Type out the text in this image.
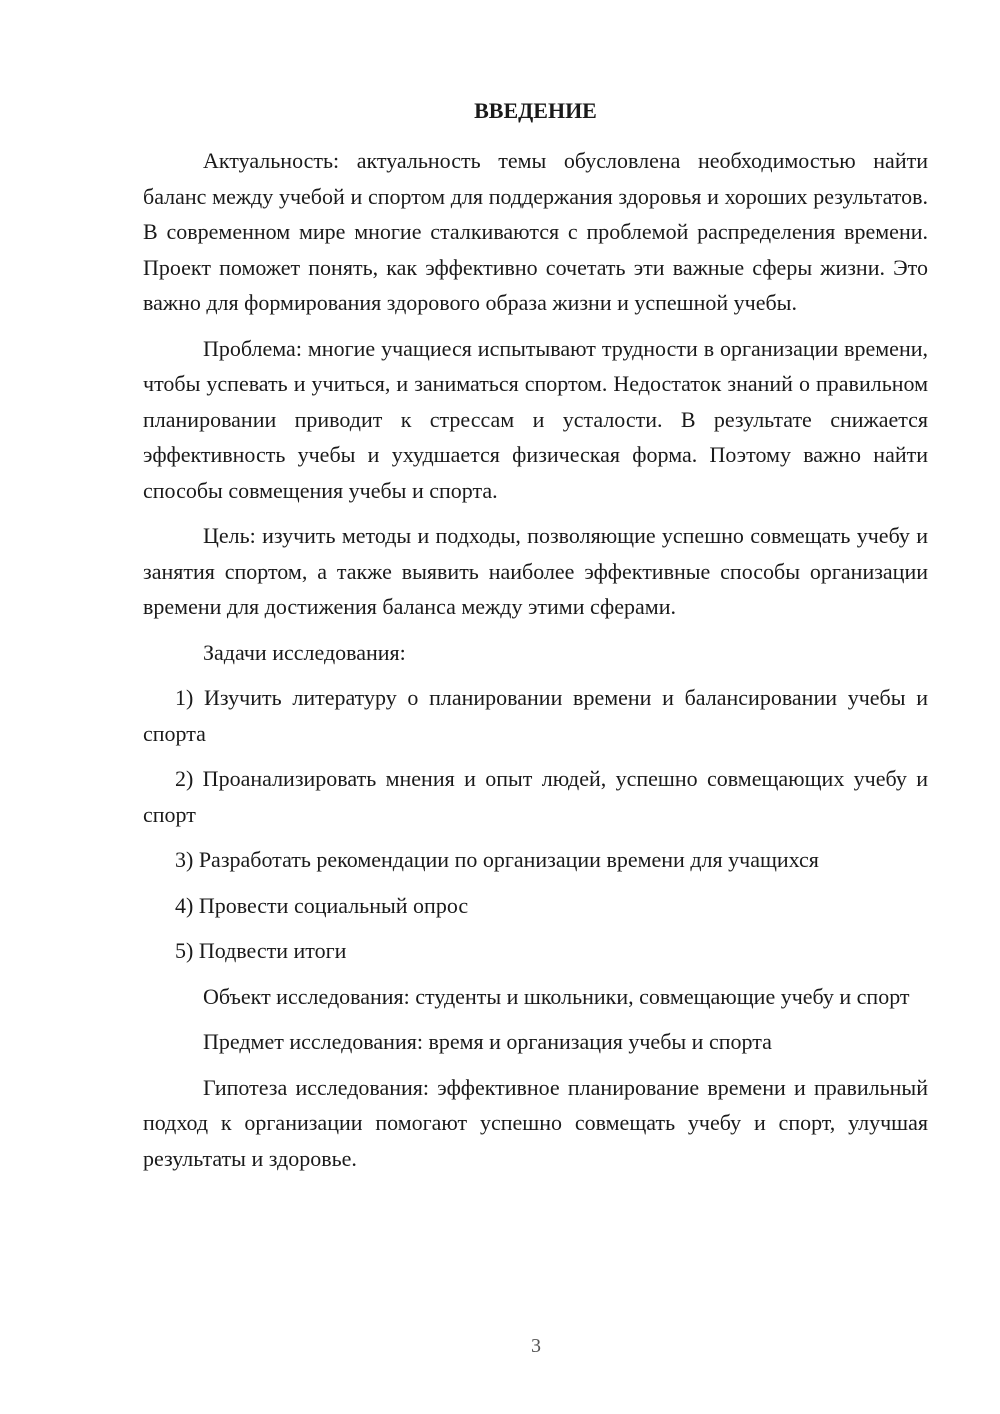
ВВЕДЕНИЕ

Актуальность: актуальность темы обусловлена необходимостью найти баланс между учебой и спортом для поддержания здоровья и хороших результатов. В современном мире многие сталкиваются с проблемой распределения времени. Проект поможет понять, как эффективно сочетать эти важные сферы жизни. Это важно для формирования здорового образа жизни и успешной учебы.

Проблема: многие учащиеся испытывают трудности в организации времени, чтобы успевать и учиться, и заниматься спортом. Недостаток знаний о правильном планировании приводит к стрессам и усталости. В результате снижается эффективность учебы и ухудшается физическая форма. Поэтому важно найти способы совмещения учебы и спорта.

Цель: изучить методы и подходы, позволяющие успешно совмещать учебу и занятия спортом, а также выявить наиболее эффективные способы организации времени для достижения баланса между этими сферами.

Задачи исследования:

1) Изучить литературу о планировании времени и балансировании учебы и спорта

2) Проанализировать мнения и опыт людей, успешно совмещающих учебу и спорт

3) Разработать рекомендации по организации времени для учащихся

4) Провести социальный опрос

5) Подвести итоги

Объект исследования: студенты и школьники, совмещающие учебу и спорт

Предмет исследования: время и организация учебы и спорта

Гипотеза исследования: эффективное планирование времени и правильный подход к организации помогают успешно совмещать учебу и спорт, улучшая результаты и здоровье.

3
